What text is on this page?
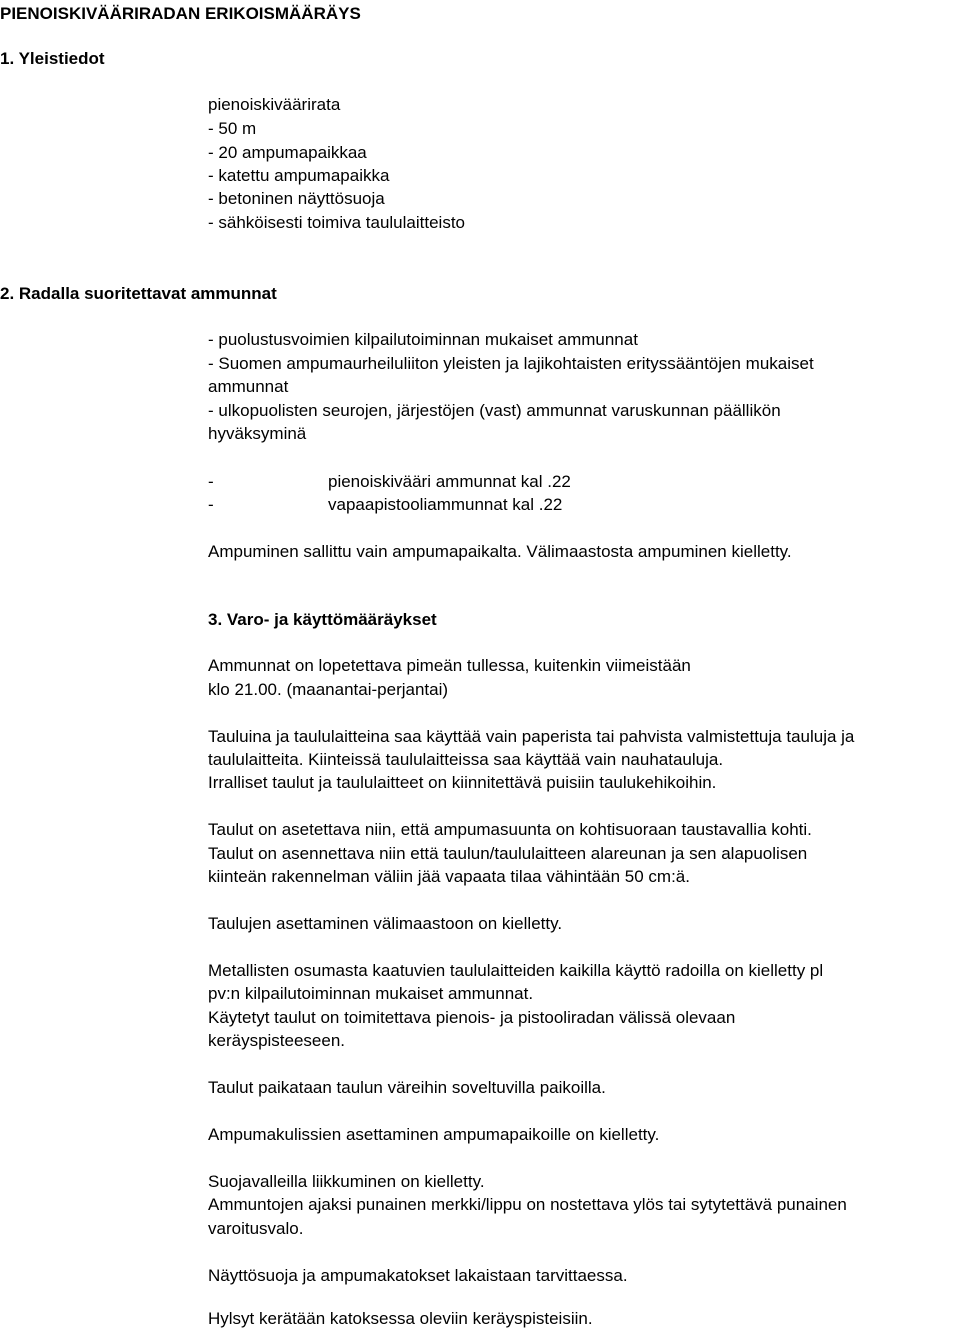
PIENOISKIVÄÄRIRADAN ERIKOISMÄÄRÄYS
1. Yleistiedot
pienoiskiväärirata
- 50 m
- 20 ampumapaikkaa
- katettu ampumapaikka
- betoninen näyttösuoja
- sähköisesti toimiva taululaitteisto
2. Radalla suoritettavat ammunnat
- puolustusvoimien kilpailutoiminnan mukaiset ammunnat
- Suomen ampumaurheiluliiton yleisten ja lajikohtaisten erityssääntöjen mukaiset
ammunnat
- ulkopuolisten seurojen, järjestöjen (vast) ammunnat varuskunnan päällikön
hyväksyminä
-	pienoiskivääri ammunnat kal .22
-	vapaapistooliammunnat kal .22
Ampuminen sallittu vain ampumapaikalta. Välimaastosta ampuminen kielletty.
3. Varo- ja käyttömääräykset
Ammunnat on lopetettava pimeän tullessa, kuitenkin viimeistään
klo 21.00. (maanantai-perjantai)
Tauluina ja taululaitteina saa käyttää vain paperista tai pahvista valmistettuja tauluja ja
taululaitteita. Kiinteissä taululaitteissa saa käyttää vain nauhatauluja.
Irralliset taulut ja taululaitteet on kiinnitettävä puisiin taulukehikoihin.
Taulut on asetettava niin, että ampumasuunta on kohtisuoraan taustavallia kohti.
Taulut on asennettava niin että taulun/taululaitteen alareunan ja sen alapuolisen
kiinteän rakennelman väliin jää vapaata tilaa vähintään 50 cm:ä.
Taulujen asettaminen välimaastoon on kielletty.
Metallisten osumasta kaatuvien taululaitteiden kaikilla käyttö radoilla on kielletty pl
pv:n kilpailutoiminnan mukaiset ammunnat.
Käytetyt taulut on toimitettava pienois- ja pistooliradan välissä olevaan
keräyspisteeseen.
Taulut paikataan taulun väreihin soveltuvilla paikoilla.
Ampumakulissien asettaminen ampumapaikoille on kielletty.
Suojavalleilla liikkuminen on kielletty.
Ammuntojen ajaksi punainen merkki/lippu on nostettava ylös tai sytytettävä punainen
varoitusvalo.
Näyttösuoja ja ampumakatokset lakaistaan tarvittaessa.
Hylsyt kerätään katoksessa oleviin keräyspisteisiin.
